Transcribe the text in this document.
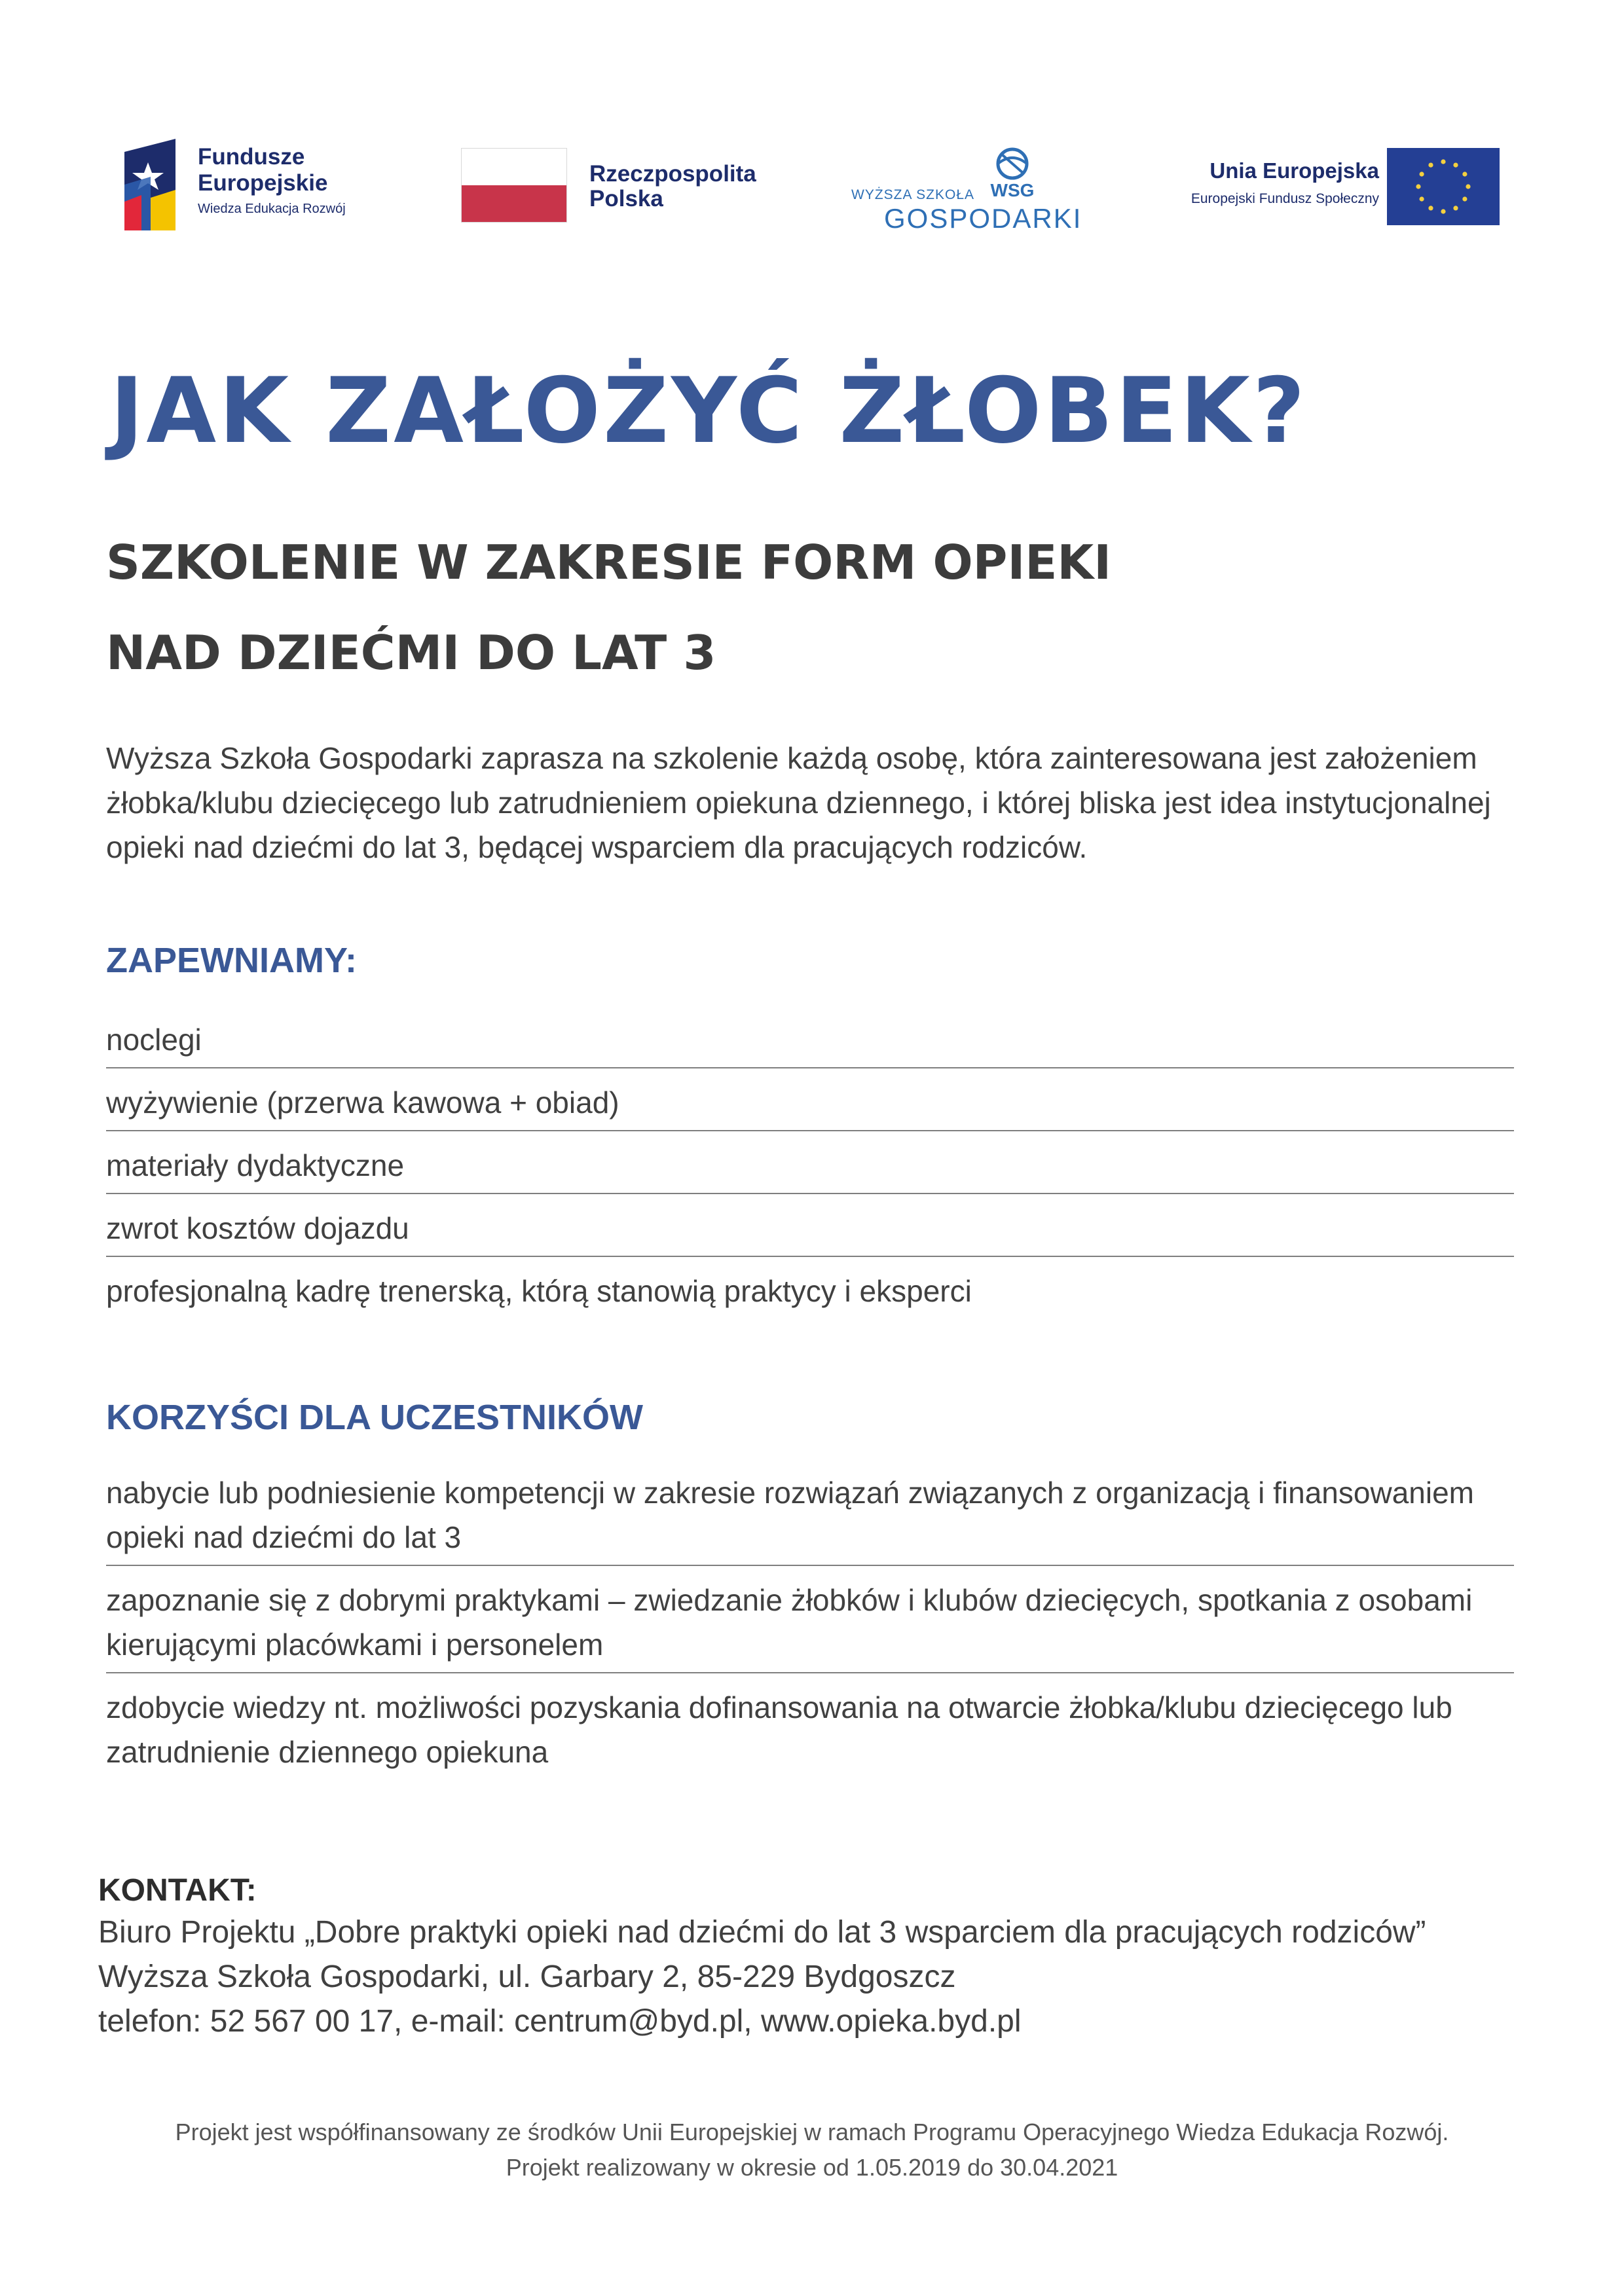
Fundusze
Europejskie
Wiedza Edukacja Rozwój
Rzeczpospolita
Polska	WSG
WYŻSZA SZKOŁA
GOSPODARKI
Unia Europejska
Europejski Fundusz Społeczny
JAK ZAŁOŻYĆ ŻŁOBEK?
SZKOLENIE W ZAKRESIE FORM OPIEKI
NAD DZIEĆMI DO LAT 3

Wyższa Szkoła Gospodarki zaprasza na szkolenie każdą osobę, która zainteresowana jest założeniem żłobka/klubu dziecięcego lub zatrudnieniem opiekuna dziennego, i której bliska jest idea instytucjonalnej opieki nad dziećmi do lat 3, będącej wsparciem dla pracujących rodziców.

ZAPEWNIAMY:
noclegi
wyżywienie (przerwa kawowa + obiad)
materiały dydaktyczne
zwrot kosztów dojazdu
profesjonalną kadrę trenerską, którą stanowią praktycy i eksperci
KORZYŚCI DLA UCZESTNIKÓW
nabycie lub podniesienie kompetencji w zakresie rozwiązań związanych z organizacją i finansowaniem opieki nad dziećmi do lat 3
zapoznanie się z dobrymi praktykami – zwiedzanie żłobków i klubów dziecięcych, spotkania z osobami kierującymi placówkami i personelem
zdobycie wiedzy nt. możliwości pozyskania dofinansowania na otwarcie żłobka/klubu dziecięcego lub zatrudnienie dziennego opiekuna
KONTAKT:

Biuro Projektu „Dobre praktyki opieki nad dziećmi do lat 3 wsparciem dla pracujących rodziców”

Wyższa Szkoła Gospodarki, ul. Garbary 2, 85-229 Bydgoszcz

telefon: 52 567 00 17, e-mail: centrum@byd.pl, www.opieka.byd.pl

Projekt jest współfinansowany ze środków Unii Europejskiej w ramach Programu Operacyjnego Wiedza Edukacja Rozwój.

Projekt realizowany w okresie od 1.05.2019 do 30.04.2021
